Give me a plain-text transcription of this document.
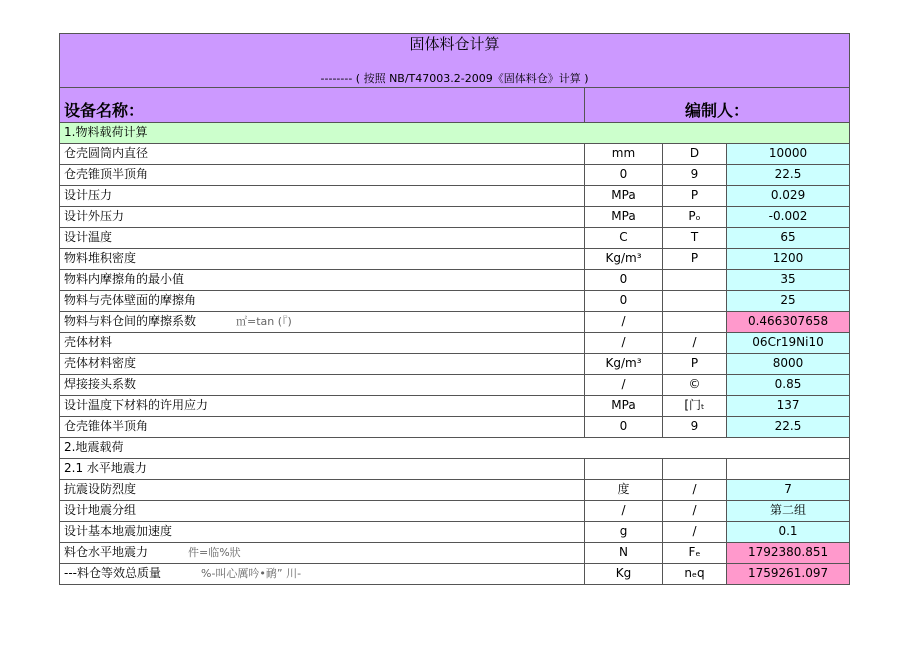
固体料仓计算
-------- ( 按照 NB/T47003.2-2009《固体料仓》计算 )			

设备名称：	编制人：		
1.物料载荷计算			
仓壳圆筒内直径	mm	D	10000
仓壳锥顶半顶角	0	9	22.5
设计压力	MPa	P	0.029
设计外压力	MPa	Pₒ	-0.002
设计温度	C	T	65
物料堆积密度	Kg/m³	P	1200
物料内摩擦角的最小值	0		35
物料与壳体壁面的摩擦角	0		25
物料与料仓间的摩擦系数 ㎡=tan (『)	/		0.466307658
壳体材料	/	/	06Cr19Ni10
壳体材料密度	Kg/m³	P	8000
焊接接头系数	/	©	0.85
设计温度下材料的许用应力	MPa	[门ₜ	137
仓壳锥体半顶角	0	9	22.5
2.地震载荷			
2.1 水平地震力			
抗震设防烈度	度	/	7
设计地震分组	/	/	第二组
设计基本地震加速度	g	/	0.1
料仓水平地震力 件=临%狀	N	Fₑ	1792380.851
---料仓等效总质量 %-叫心厲吟•鸸” 川-	Kg	nₑq	1759261.097
